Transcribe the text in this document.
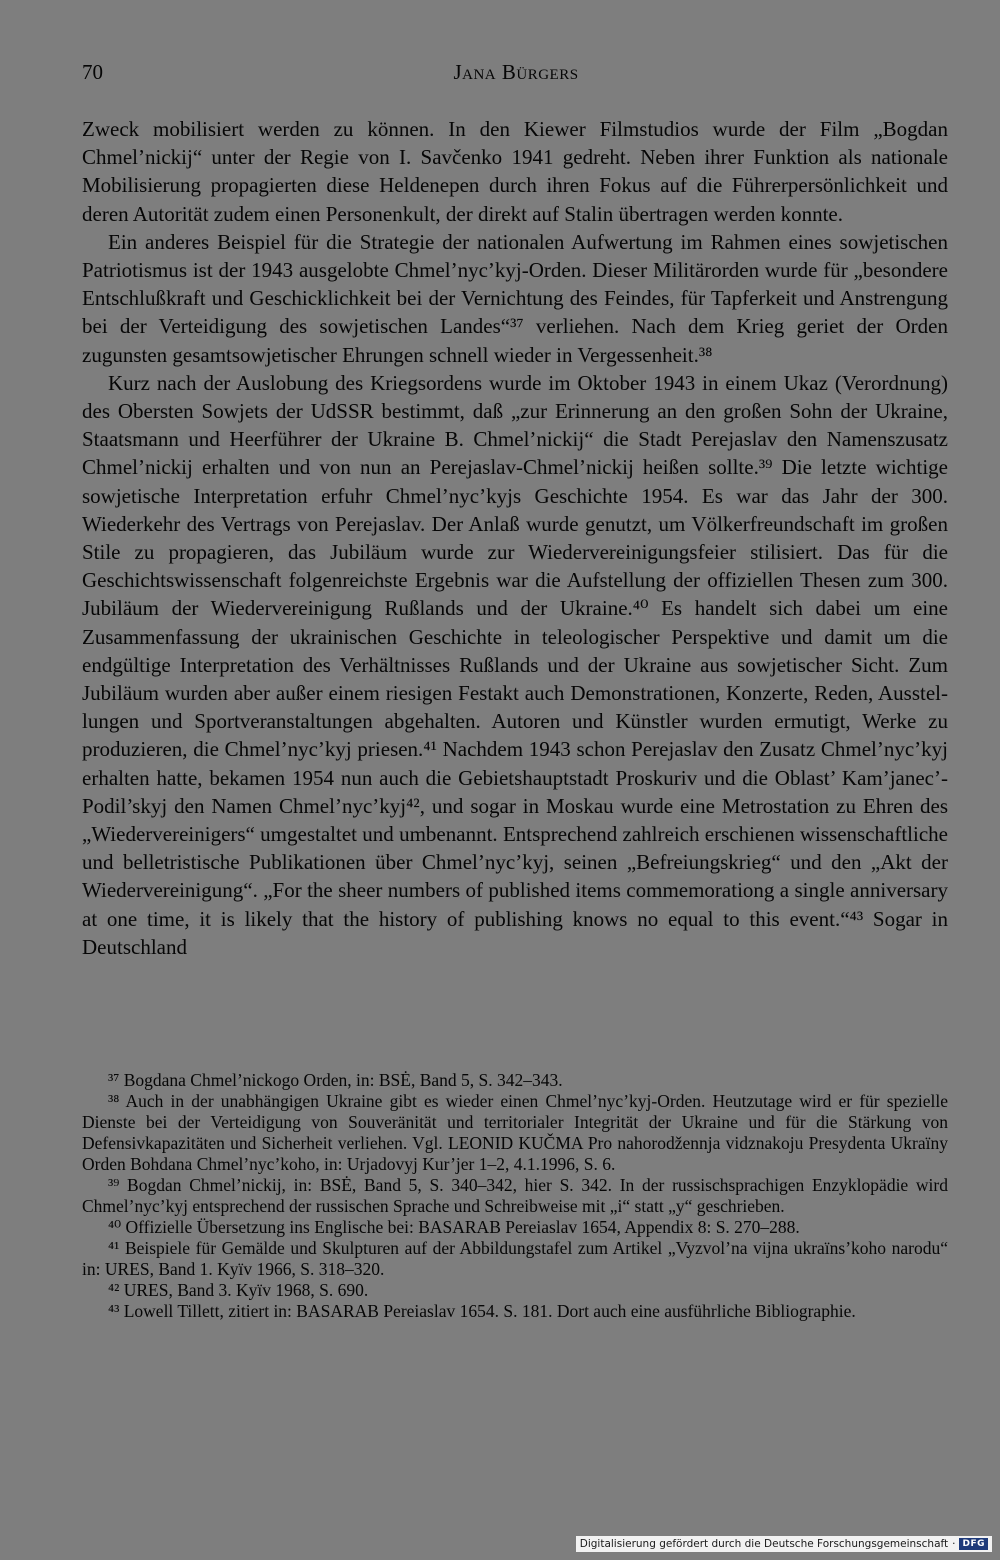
70	Jana Bürgers

Zweck mobilisiert werden zu können. In den Kiewer Filmstudios wurde der Film „Bogdan Chmel’nickij“ unter der Regie von I. Savčenko 1941 gedreht. Neben ihrer Funktion als nationale Mobilisierung propagierten diese Heldenepen durch ihren Fokus auf die Führerpersönlichkeit und deren Autorität zudem einen Personenkult, der direkt auf Stalin übertragen werden konnte.

Ein anderes Beispiel für die Strategie der nationalen Aufwertung im Rahmen eines sowjetischen Patriotismus ist der 1943 ausgelobte Chmel’nyc’kyj-Orden. Dieser Militärorden wurde für „besondere Entschlußkraft und Geschicklichkeit bei der Vernichtung des Feindes, für Tapferkeit und Anstrengung bei der Verteidigung des sowjetischen Landes“³⁷ verliehen. Nach dem Krieg geriet der Orden zugunsten gesamtsowjetischer Ehrungen schnell wieder in Vergessenheit.³⁸

Kurz nach der Auslobung des Kriegsordens wurde im Oktober 1943 in einem Ukaz (Verordnung) des Obersten Sowjets der UdSSR bestimmt, daß „zur Erinnerung an den großen Sohn der Ukraine, Staatsmann und Heerführer der Ukraine B. Chmel’nickij“ die Stadt Perejaslav den Namenszusatz Chmel’nickij erhalten und von nun an Perejaslav-Chmel’nickij heißen sollte.³⁹ Die letzte wichtige sowjetische Interpretation erfuhr Chmel’nyc’kyjs Geschichte 1954. Es war das Jahr der 300. Wiederkehr des Vertrags von Perejaslav. Der Anlaß wurde genutzt, um Völkerfreundschaft im großen Stile zu propagieren, das Jubiläum wurde zur Wiedervereinigungsfeier stilisiert. Das für die Geschichtswissenschaft folgenreichste Ergebnis war die Aufstellung der offiziellen Thesen zum 300. Jubiläum der Wiedervereinigung Rußlands und der Ukraine.⁴⁰ Es handelt sich dabei um eine Zusammenfassung der ukrainischen Geschichte in teleologischer Perspektive und damit um die endgültige Interpretation des Verhältnisses Rußlands und der Ukraine aus sowjetischer Sicht. Zum Jubiläum wurden aber außer einem riesigen Festakt auch Demonstrationen, Konzerte, Reden, Ausstellungen und Sportveranstaltungen abgehalten. Autoren und Künstler wurden ermutigt, Werke zu produzieren, die Chmel’nyc’kyj priesen.⁴¹ Nachdem 1943 schon Perejaslav den Zusatz Chmel’nyc’kyj erhalten hatte, bekamen 1954 nun auch die Gebietshauptstadt Proskuriv und die Oblast’ Kam’janec’-Podil’skyj den Namen Chmel’nyc’kyj⁴², und sogar in Moskau wurde eine Metrostation zu Ehren des „Wiedervereinigers“ umgestaltet und umbenannt. Entsprechend zahlreich erschienen wissenschaftliche und belletristische Publikationen über Chmel’nyc’kyj, seinen „Befreiungskrieg“ und den „Akt der Wiedervereinigung“. „For the sheer numbers of published items commemorationg a single anniversary at one time, it is likely that the history of publishing knows no equal to this event.“⁴³ Sogar in Deutschland

³⁷ Bogdana Chmel’nickogo Orden, in: BSĖ, Band 5, S. 342–343.

³⁸ Auch in der unabhängigen Ukraine gibt es wieder einen Chmel’nyc’kyj-Orden. Heutzutage wird er für spezielle Dienste bei der Verteidigung von Souveränität und territorialer Integrität der Ukraine und für die Stärkung von Defensivkapazitäten und Sicherheit verliehen. Vgl. LEONID KUČMA Pro nahorodžennja vidznakoju Presydenta Ukraïny Orden Bohdana Chmel’nyc’koho, in: Urjadovyj Kur’jer 1–2, 4.1.1996, S. 6.

³⁹ Bogdan Chmel’nickij, in: BSĖ, Band 5, S. 340–342, hier S. 342. In der russischsprachigen Enzyklopädie wird Chmel’nyc’kyj entsprechend der russischen Sprache und Schreibweise mit „i“ statt „y“ geschrieben.

⁴⁰ Offizielle Übersetzung ins Englische bei: BASARAB Pereiaslav 1654, Appendix 8: S. 270–288.

⁴¹ Beispiele für Gemälde und Skulpturen auf der Abbildungstafel zum Artikel „Vyzvol’na vijna ukraïns’koho narodu“ in: URES, Band 1. Kyïv 1966, S. 318–320.

⁴² URES, Band 3. Kyïv 1968, S. 690.

⁴³ Lowell Tillett, zitiert in: BASARAB Pereiaslav 1654. S. 181. Dort auch eine ausführliche Bibliographie.

Digitalisierung gefördert durch die Deutsche Forschungsgemeinschaft · DFG
